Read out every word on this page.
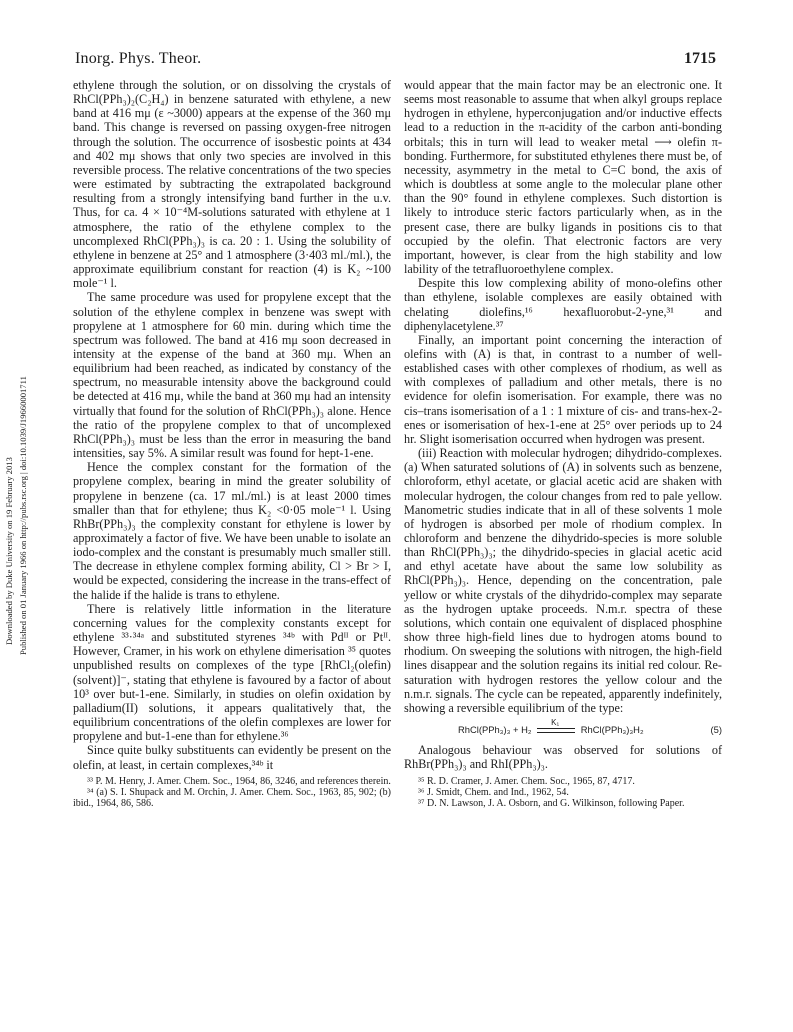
Inorg. Phys. Theor.	1715
Downloaded by Duke University on 19 February 2013 Published on 01 January 1966 on http://pubs.rsc.org | doi:10.1039/J19660001711

ethylene through the solution, or on dissolving the crystals of RhCl(PPh₃)₂(C₂H₄) in benzene saturated with ethylene, a new band at 416 mμ (ε ~3000) appears at the expense of the 360 mμ band. This change is reversed on passing oxygen-free nitrogen through the solution. The occurrence of isosbestic points at 434 and 402 mμ shows that only two species are involved in this reversible process. The relative concentrations of the two species were estimated by subtracting the extrapolated background resulting from a strongly intensifying band further in the u.v. Thus, for ca. 4 × 10⁻⁴M-solutions saturated with ethylene at 1 atmosphere, the ratio of the ethylene complex to the uncomplexed RhCl(PPh₃)₃ is ca. 20 : 1. Using the solubility of ethylene in benzene at 25° and 1 atmosphere (3·403 ml./ml.), the approximate equilibrium constant for reaction (4) is K₂ ~100 mole⁻¹ l.

The same procedure was used for propylene except that the solution of the ethylene complex in benzene was swept with propylene at 1 atmosphere for 60 min. during which time the spectrum was followed. The band at 416 mμ soon decreased in intensity at the expense of the band at 360 mμ. When an equilibrium had been reached, as indicated by constancy of the spectrum, no measurable intensity above the background could be detected at 416 mμ, while the band at 360 mμ had an intensity virtually that found for the solution of RhCl(PPh₃)₃ alone. Hence the ratio of the propylene complex to that of uncomplexed RhCl(PPh₃)₃ must be less than the error in measuring the band intensities, say 5%. A similar result was found for hept-1-ene.

Hence the complex constant for the formation of the propylene complex, bearing in mind the greater solubility of propylene in benzene (ca. 17 ml./ml.) is at least 2000 times smaller than that for ethylene; thus K₂ <0·05 mole⁻¹ l. Using RhBr(PPh₃)₃ the complexity constant for ethylene is lower by approximately a factor of five. We have been unable to isolate an iodo-complex and the constant is presumably much smaller still. The decrease in ethylene complex forming ability, Cl > Br > I, would be expected, considering the increase in the trans-effect of the halide if the halide is trans to ethylene.

There is relatively little information in the literature concerning values for the complexity constants except for ethylene ³³·³⁴ᵃ and substituted styrenes ³⁴ᵇ with Pdᴵᴵ or Ptᴵᴵ. However, Cramer, in his work on ethylene dimerisation ³⁵ quotes unpublished results on complexes of the type [RhCl₂(olefin)(solvent)]⁻, stating that ethylene is favoured by a factor of about 10³ over but-1-ene. Similarly, in studies on olefin oxidation by palladium(II) solutions, it appears qualitatively that, the equilibrium concentrations of the olefin complexes are lower for propylene and but-1-ene than for ethylene.³⁶

Since quite bulky substituents can evidently be present on the olefin, at least, in certain complexes,³⁴ᵇ it

³³ P. M. Henry, J. Amer. Chem. Soc., 1964, 86, 3246, and references therein.

³⁴ (a) S. I. Shupack and M. Orchin, J. Amer. Chem. Soc., 1963, 85, 902; (b) ibid., 1964, 86, 586.

would appear that the main factor may be an electronic one. It seems most reasonable to assume that when alkyl groups replace hydrogen in ethylene, hyperconjugation and/or inductive effects lead to a reduction in the π-acidity of the carbon anti-bonding orbitals; this in turn will lead to weaker metal ⟶ olefin π-bonding. Furthermore, for substituted ethylenes there must be, of necessity, asymmetry in the metal to C=C bond, the axis of which is doubtless at some angle to the molecular plane other than the 90° found in ethylene complexes. Such distortion is likely to introduce steric factors particularly when, as in the present case, there are bulky ligands in positions cis to that occupied by the olefin. That electronic factors are very important, however, is clear from the high stability and low lability of the tetrafluoroethylene complex.

Despite this low complexing ability of mono-olefins other than ethylene, isolable complexes are easily obtained with chelating diolefins,¹⁶ hexafluorobut-2-yne,³¹ and diphenylacetylene.³⁷

Finally, an important point concerning the interaction of olefins with (A) is that, in contrast to a number of well-established cases with other complexes of rhodium, as well as with complexes of palladium and other metals, there is no evidence for olefin isomerisation. For example, there was no cis–trans isomerisation of a 1 : 1 mixture of cis- and trans-hex-2-enes or isomerisation of hex-1-ene at 25° over periods up to 24 hr. Slight isomerisation occurred when hydrogen was present.

(iii) Reaction with molecular hydrogen; dihydrido-complexes. (a) When saturated solutions of (A) in solvents such as benzene, chloroform, ethyl acetate, or glacial acetic acid are shaken with molecular hydrogen, the colour changes from red to pale yellow. Manometric studies indicate that in all of these solvents 1 mole of hydrogen is absorbed per mole of rhodium complex. In chloroform and benzene the dihydrido-species is more soluble than RhCl(PPh₃)₃; the dihydrido-species in glacial acetic acid and ethyl acetate have about the same low solubility as RhCl(PPh₃)₃. Hence, depending on the concentration, pale yellow or white crystals of the dihydrido-complex may separate as the hydrogen uptake proceeds. N.m.r. spectra of these solutions, which contain one equivalent of displaced phosphine show three high-field lines due to hydrogen atoms bound to rhodium. On sweeping the solutions with nitrogen, the high-field lines disappear and the solution regains its initial red colour. Re-saturation with hydrogen restores the yellow colour and the n.m.r. signals. The cycle can be repeated, apparently indefinitely, showing a reversible equilibrium of the type:

RhCl(PPh₃)₃ + H₂
K₁
RhCl(PPh₃)₃H₂	(5)

Analogous behaviour was observed for solutions of RhBr(PPh₃)₃ and RhI(PPh₃)₃.

³⁵ R. D. Cramer, J. Amer. Chem. Soc., 1965, 87, 4717.

³⁶ J. Smidt, Chem. and Ind., 1962, 54.

³⁷ D. N. Lawson, J. A. Osborn, and G. Wilkinson, following Paper.
